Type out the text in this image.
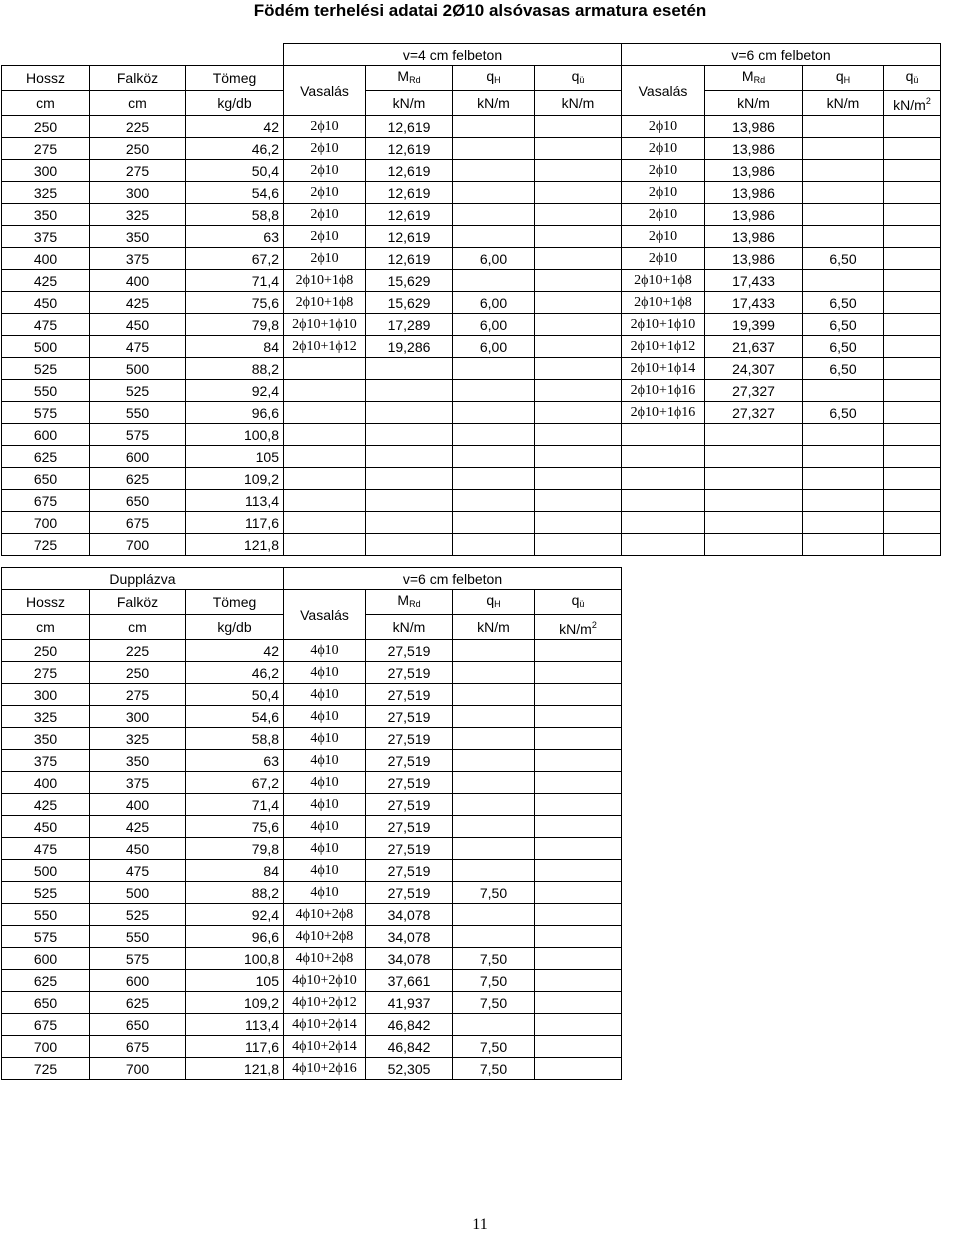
Födém terhelési adatai 2Ø10 alsóvasas armatura esetén
			v=4 cm felbeton				v=6 cm felbeton			
Hossz	Falköz	Tömeg	Vasalás	$M_{Rd}$	$q_H$	$q_ü$	Vasalás	$M_{Rd}$	$q_H$	$q_ü$
cm	cm	kg/db		kN/m	kN/m	kN/m		kN/m	kN/m	$kN/m^2$
250	225	42	2ϕ10	12,619			2ϕ10	13,986		
275	250	46,2	2ϕ10	12,619			2ϕ10	13,986		
300	275	50,4	2ϕ10	12,619			2ϕ10	13,986		
325	300	54,6	2ϕ10	12,619			2ϕ10	13,986		
350	325	58,8	2ϕ10	12,619			2ϕ10	13,986		
375	350	63	2ϕ10	12,619			2ϕ10	13,986		
400	375	67,2	2ϕ10	12,619	6,00		2ϕ10	13,986	6,50	
425	400	71,4	2ϕ10+1ϕ8	15,629			2ϕ10+1ϕ8	17,433		
450	425	75,6	2ϕ10+1ϕ8	15,629	6,00		2ϕ10+1ϕ8	17,433	6,50	
475	450	79,8	2ϕ10+1ϕ10	17,289	6,00		2ϕ10+1ϕ10	19,399	6,50	
500	475	84	2ϕ10+1ϕ12	19,286	6,00		2ϕ10+1ϕ12	21,637	6,50	
525	500	88,2					2ϕ10+1ϕ14	24,307	6,50	
550	525	92,4					2ϕ10+1ϕ16	27,327		
575	550	96,6					2ϕ10+1ϕ16	27,327	6,50	
600	575	100,8								
625	600	105								
650	625	109,2								
675	650	113,4								
700	675	117,6								
725	700	121,8								
Dupplázva			v=6 cm felbeton			
Hossz	Falköz	Tömeg	Vasalás	$M_{Rd}$	$q_H$	$q_ü$
cm	cm	kg/db		kN/m	kN/m	$kN/m^2$
250	225	42	4ϕ10	27,519		
275	250	46,2	4ϕ10	27,519		
300	275	50,4	4ϕ10	27,519		
325	300	54,6	4ϕ10	27,519		
350	325	58,8	4ϕ10	27,519		
375	350	63	4ϕ10	27,519		
400	375	67,2	4ϕ10	27,519		
425	400	71,4	4ϕ10	27,519		
450	425	75,6	4ϕ10	27,519		
475	450	79,8	4ϕ10	27,519		
500	475	84	4ϕ10	27,519		
525	500	88,2	4ϕ10	27,519	7,50	
550	525	92,4	4ϕ10+2ϕ8	34,078		
575	550	96,6	4ϕ10+2ϕ8	34,078		
600	575	100,8	4ϕ10+2ϕ8	34,078	7,50	
625	600	105	4ϕ10+2ϕ10	37,661	7,50	
650	625	109,2	4ϕ10+2ϕ12	41,937	7,50	
675	650	113,4	4ϕ10+2ϕ14	46,842		
700	675	117,6	4ϕ10+2ϕ14	46,842	7,50	
725	700	121,8	4ϕ10+2ϕ16	52,305	7,50	
11
